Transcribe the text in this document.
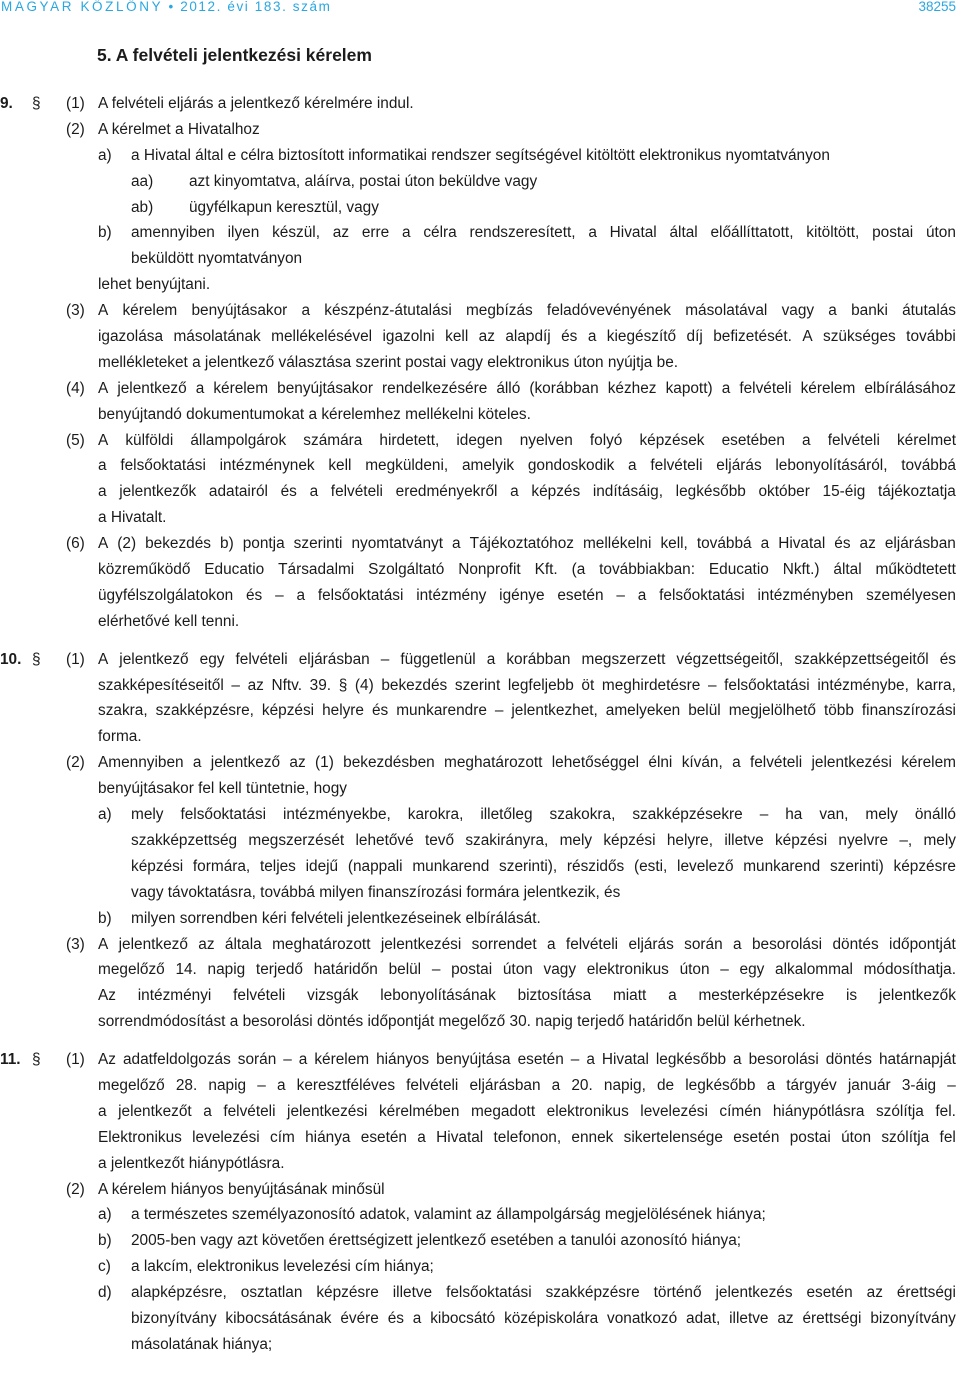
MAGYAR KÖZLÖNY • 2012. évi 183. szám	38255
5. A felvételi jelentkezési kérelem
9. § (1) A felvételi eljárás a jelentkező kérelmére indul.
(2) A kérelmet a Hivatalhoz
a) a Hivatal által e célra biztosított informatikai rendszer segítségével kitöltött elektronikus nyomtatványon
aa) azt kinyomtatva, aláírva, postai úton beküldve vagy
ab) ügyfélkapun keresztül, vagy
b) amennyiben ilyen készül, az erre a célra rendszeresített, a Hivatal által előállíttatott, kitöltött, postai úton
beküldött nyomtatványon
lehet benyújtani.
(3) A kérelem benyújtásakor a készpénz-átutalási megbízás feladóvevényének másolatával vagy a banki átutalás
igazolása másolatának mellékelésével igazolni kell az alapdíj és a kiegészítő díj befizetését. A szükséges további
mellékleteket a jelentkező választása szerint postai vagy elektronikus úton nyújtja be.
(4) A jelentkező a kérelem benyújtásakor rendelkezésére álló (korábban kézhez kapott) a felvételi kérelem elbírálásához
benyújtandó dokumentumokat a kérelemhez mellékelni köteles.
(5) A külföldi állampolgárok számára hirdetett, idegen nyelven folyó képzések esetében a felvételi kérelmet
a felsőoktatási intézménynek kell megküldeni, amelyik gondoskodik a felvételi eljárás lebonyolításáról, továbbá
a jelentkezők adatairól és a felvételi eredményekről a képzés indításáig, legkésőbb október 15-éig tájékoztatja
a Hivatalt.
(6) A (2) bekezdés b) pontja szerinti nyomtatványt a Tájékoztatóhoz mellékelni kell, továbbá a Hivatal és az eljárásban
közreműködő Educatio Társadalmi Szolgáltató Nonprofit Kft. (a továbbiakban: Educatio Nkft.) által működtetett
ügyfélszolgálatokon és – a felsőoktatási intézmény igénye esetén – a felsőoktatási intézményben személyesen
elérhetővé kell tenni.
10. § (1) A jelentkező egy felvételi eljárásban – függetlenül a korábban megszerzett végzettségeitől, szakképzettségeitől és
szakképesítéseitől – az Nftv. 39. § (4) bekezdés szerint legfeljebb öt meghirdetésre – felsőoktatási intézménybe, karra,
szakra, szakképzésre, képzési helyre és munkarendre – jelentkezhet, amelyeken belül megjelölhető több finanszírozási
forma.
(2) Amennyiben a jelentkező az (1) bekezdésben meghatározott lehetőséggel élni kíván, a felvételi jelentkezési kérelem
benyújtásakor fel kell tüntetnie, hogy
a) mely felsőoktatási intézményekbe, karokra, illetőleg szakokra, szakképzésekre – ha van, mely önálló
szakképzettség megszerzését lehetővé tevő szakirányra, mely képzési helyre, illetve képzési nyelvre –, mely
képzési formára, teljes idejű (nappali munkarend szerinti), részidős (esti, levelező munkarend szerinti) képzésre
vagy távoktatásra, továbbá milyen finanszírozási formára jelentkezik, és
b) milyen sorrendben kéri felvételi jelentkezéseinek elbírálását.
(3) A jelentkező az általa meghatározott jelentkezési sorrendet a felvételi eljárás során a besorolási döntés időpontját
megelőző 14. napig terjedő határidőn belül – postai úton vagy elektronikus úton – egy alkalommal módosíthatja.
Az intézményi felvételi vizsgák lebonyolításának biztosítása miatt a mesterképzésekre is jelentkezők
sorrendmódosítást a besorolási döntés időpontját megelőző 30. napig terjedő határidőn belül kérhetnek.
11. § (1) Az adatfeldolgozás során – a kérelem hiányos benyújtása esetén – a Hivatal legkésőbb a besorolási döntés határnapját
megelőző 28. napig – a keresztféléves felvételi eljárásban a 20. napig, de legkésőbb a tárgyév január 3-áig –
a jelentkezőt a felvételi jelentkezési kérelmében megadott elektronikus levelezési címén hiánypótlásra szólítja fel.
Elektronikus levelezési cím hiánya esetén a Hivatal telefonon, ennek sikertelensége esetén postai úton szólítja fel
a jelentkezőt hiánypótlásra.
(2) A kérelem hiányos benyújtásának minősül
a) a természetes személyazonosító adatok, valamint az állampolgárság megjelölésének hiánya;
b) 2005-ben vagy azt követően érettségizett jelentkező esetében a tanulói azonosító hiánya;
c) a lakcím, elektronikus levelezési cím hiánya;
d) alapképzésre, osztatlan képzésre illetve felsőoktatási szakképzésre történő jelentkezés esetén az érettségi
bizonyítvány kibocsátásának évére és a kibocsátó középiskolára vonatkozó adat, illetve az érettségi bizonyítvány
másolatának hiánya;
